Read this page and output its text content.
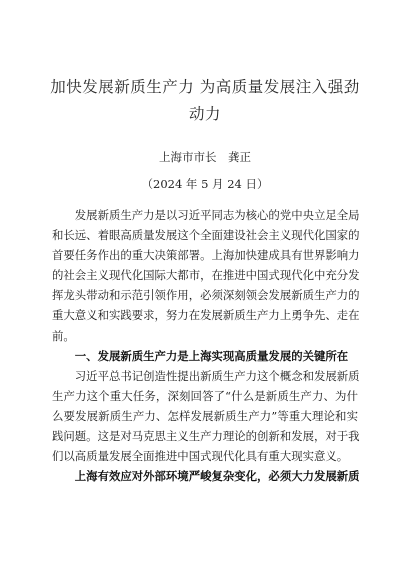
加快发展新质生产力 为高质量发展注入强劲
动力
上海市市长　龚正
（2024 年 5 月 24 日）

　　发展新质生产力是以习近平同志为核心的党中央立足全局
和长远、着眼高质量发展这个全面建设社会主义现代化国家的
首要任务作出的重大决策部署。上海加快建成具有世界影响力
的社会主义现代化国际大都市，在推进中国式现代化中充分发
挥龙头带动和示范引领作用，必须深刻领会发展新质生产力的
重大意义和实践要求，努力在发展新质生产力上勇争先、走在
前。

　　一、发展新质生产力是上海实现高质量发展的关键所在

　　习近平总书记创造性提出新质生产力这个概念和发展新质
生产力这个重大任务，深刻回答了“什么是新质生产力、为什
么要发展新质生产力、怎样发展新质生产力”等重大理论和实
践问题。这是对马克思主义生产力理论的创新和发展，对于我
们以高质量发展全面推进中国式现代化具有重大现实意义。

　　上海有效应对外部环境严峻复杂变化，必须大力发展新质
